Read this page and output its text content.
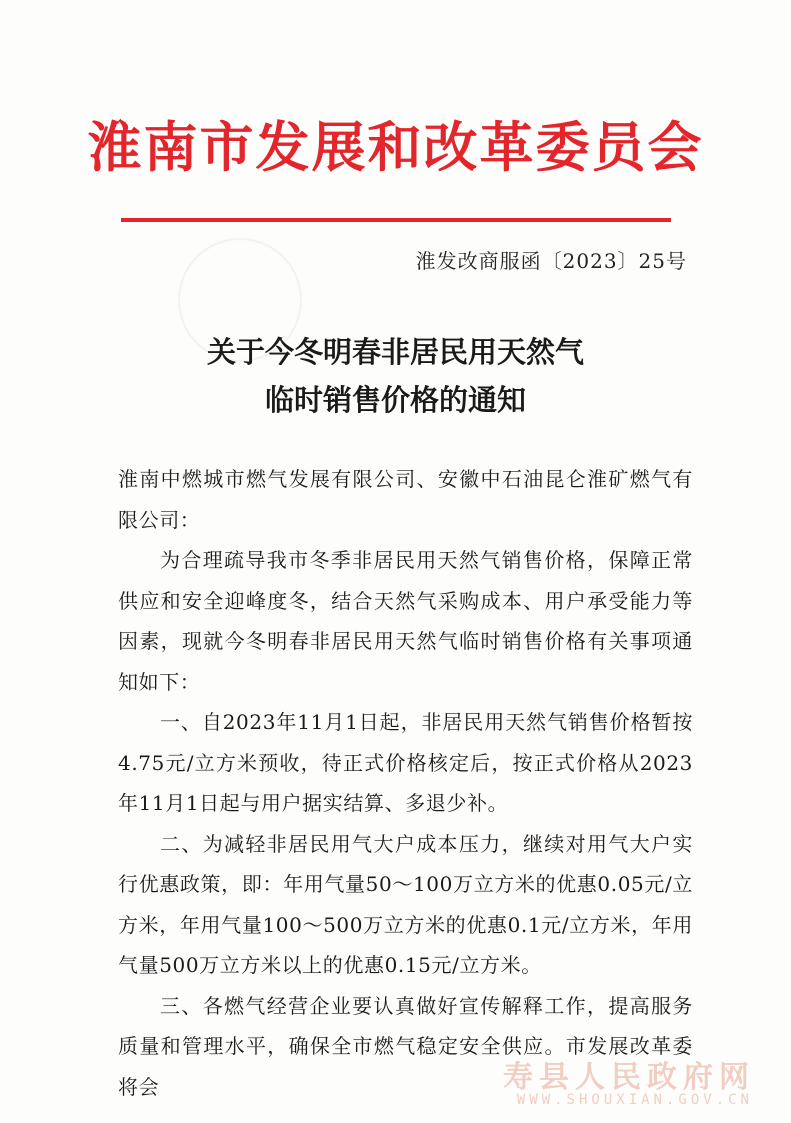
淮南市发展和改革委员会
淮发改商服函〔2023〕25号
关于今冬明春非居民用天然气
临时销售价格的通知

淮南中燃城市燃气发展有限公司、安徽中石油昆仑淮矿燃气有限公司：

为合理疏导我市冬季非居民用天然气销售价格，保障正常供应和安全迎峰度冬，结合天然气采购成本、用户承受能力等因素，现就今冬明春非居民用天然气临时销售价格有关事项通知如下：

一、自2023年11月1日起，非居民用天然气销售价格暂按4.75元/立方米预收，待正式价格核定后，按正式价格从2023年11月1日起与用户据实结算、多退少补。

二、为减轻非居民用气大户成本压力，继续对用气大户实行优惠政策，即：年用气量50～100万立方米的优惠0.05元/立方米，年用气量100～500万立方米的优惠0.1元/立方米，年用气量500万立方米以上的优惠0.15元/立方米。

三、各燃气经营企业要认真做好宣传解释工作，提高服务质量和管理水平，确保全市燃气稳定安全供应。市发展改革委将会	寿县人民政府网
WWW.SHOUXIAN.GOV.CN
